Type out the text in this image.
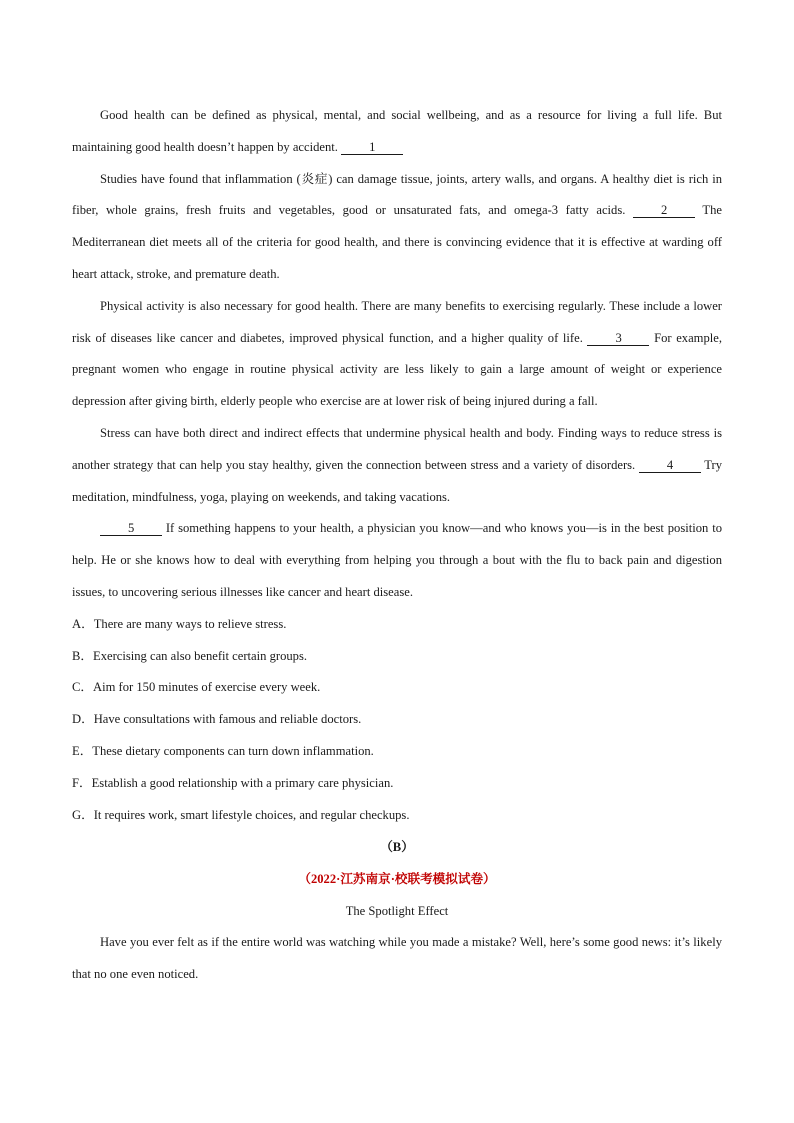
Good health can be defined as physical, mental, and social wellbeing, and as a resource for living a full life. But maintaining good health doesn’t happen by accident. 1

Studies have found that inflammation (炎症) can damage tissue, joints, artery walls, and organs. A healthy diet is rich in fiber, whole grains, fresh fruits and vegetables, good or unsaturated fats, and omega-3 fatty acids.	2	The Mediterranean diet meets all of the criteria for good health, and there is convincing evidence that it is effective at warding off heart attack, stroke, and premature death.

Physical activity is also necessary for good health. There are many benefits to exercising regularly. These include a lower risk of diseases like cancer and diabetes, improved physical function, and a higher quality of life.	3	For example, pregnant women who engage in routine physical activity are less likely to gain a large amount of weight or experience depression after giving birth, elderly people who exercise are at lower risk of being injured during a fall.

Stress can have both direct and indirect effects that undermine physical health and body. Finding ways to reduce stress is another strategy that can help you stay healthy, given the connection between stress and a variety of disorders.	4 Try meditation, mindfulness, yoga, playing on weekends, and taking vacations.

5	If something happens to your health, a physician you know—and who knows you—is in the best position to help. He or she knows how to deal with everything from helping you through a bout with the flu to back pain and digestion issues, to uncovering serious illnesses like cancer and heart disease.

A．There are many ways to relieve stress.

B．Exercising can also benefit certain groups.

C．Aim for 150 minutes of exercise every week.

D．Have consultations with famous and reliable doctors.

E．These dietary components can turn down inflammation.

F．Establish a good relationship with a primary care physician.

G．It requires work, smart lifestyle choices, and regular checkups.

（B）

（2022·江苏南京·校联考模拟试卷）

The Spotlight Effect

Have you ever felt as if the entire world was watching while you made a mistake? Well, here’s some good news: it’s likely that no one even noticed.
